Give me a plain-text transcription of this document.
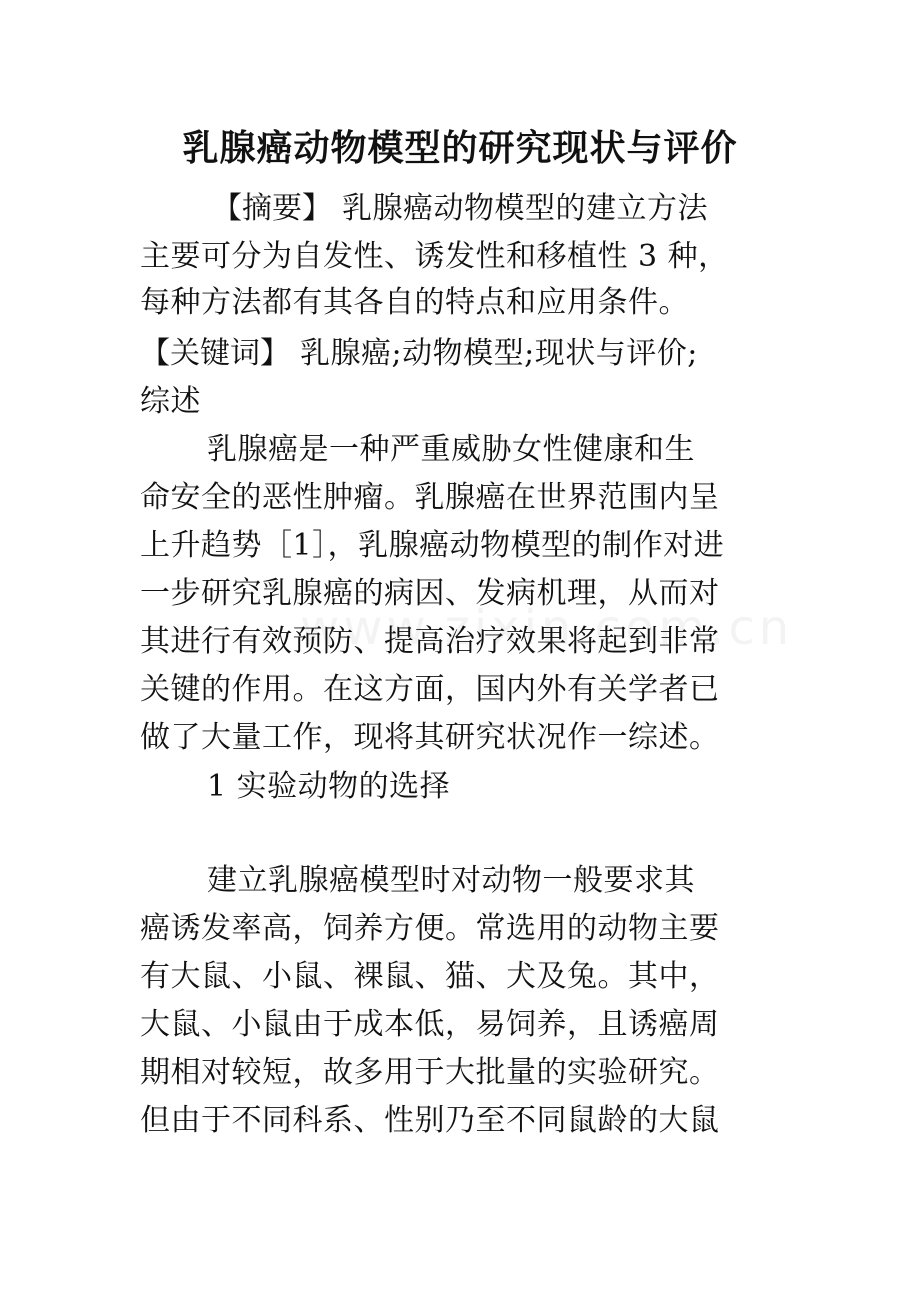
乳腺癌动物模型的研究现状与评价
【摘要】 乳腺癌动物模型的建立方法
主要可分为自发性、诱发性和移植性 3 种，
每种方法都有其各自的特点和应用条件。
【关键词】 乳腺癌;动物模型;现状与评价;
综述
乳腺癌是一种严重威胁女性健康和生
命安全的恶性肿瘤。乳腺癌在世界范围内呈
上升趋势［1］，乳腺癌动物模型的制作对进
一步研究乳腺癌的病因、发病机理，从而对
其进行有效预防、提高治疗效果将起到非常
关键的作用。在这方面，国内外有关学者已
做了大量工作，现将其研究状况作一综述。
1 实验动物的选择
建立乳腺癌模型时对动物一般要求其
癌诱发率高，饲养方便。常选用的动物主要
有大鼠、小鼠、裸鼠、猫、犬及兔。其中，
大鼠、小鼠由于成本低，易饲养，且诱癌周
期相对较短，故多用于大批量的实验研究。
但由于不同科系、性别乃至不同鼠龄的大鼠
